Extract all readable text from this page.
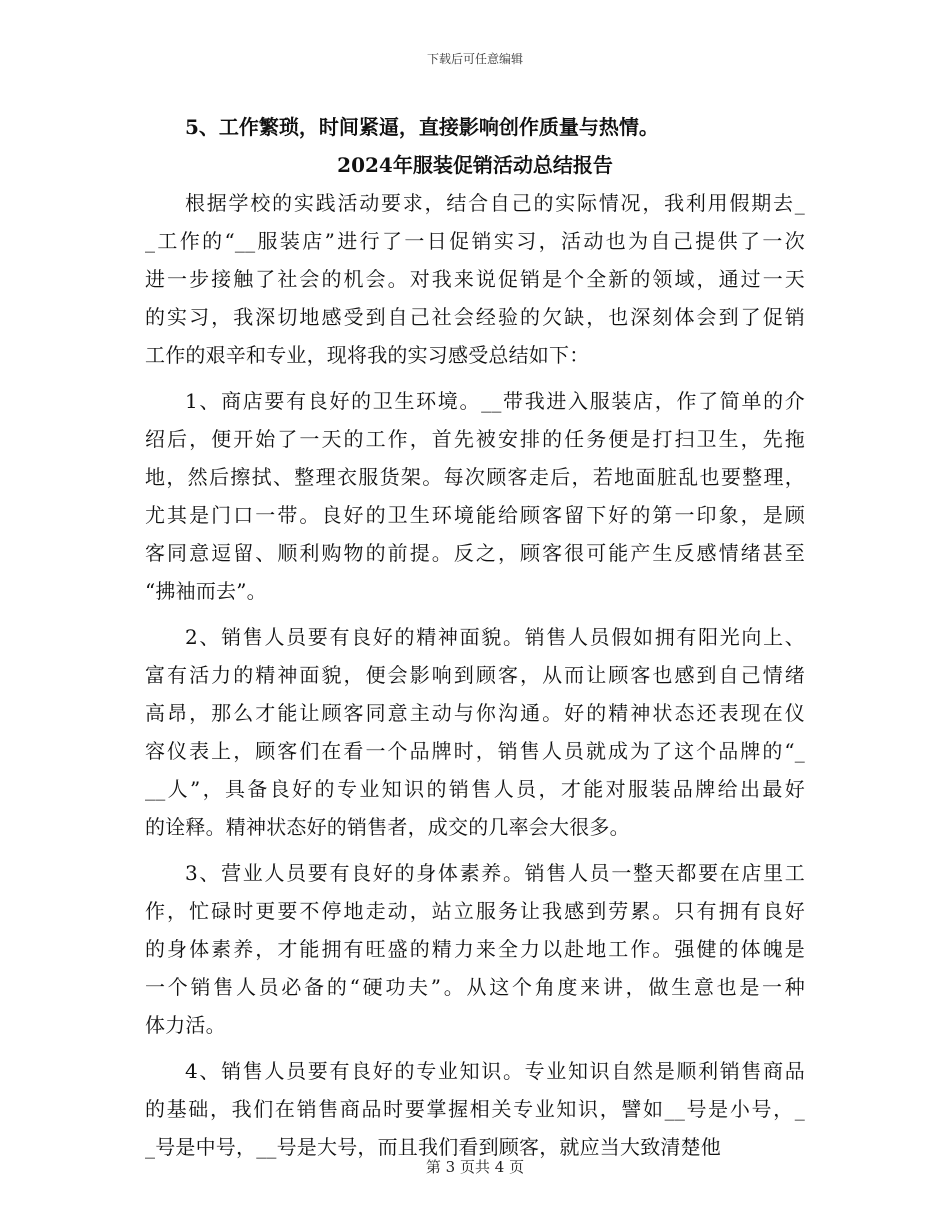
下载后可任意编辑
5、工作繁琐，时间紧逼，直接影响创作质量与热情。
2024年服装促销活动总结报告
根据学校的实践活动要求，结合自己的实际情况，我利用假期去_
_工作的“__服装店”进行了一日促销实习，活动也为自己提供了一次
进一步接触了社会的机会。对我来说促销是个全新的领域，通过一天
的实习，我深切地感受到自己社会经验的欠缺，也深刻体会到了促销
工作的艰辛和专业，现将我的实习感受总结如下：
1、商店要有良好的卫生环境。__带我进入服装店，作了简单的介
绍后，便开始了一天的工作，首先被安排的任务便是打扫卫生，先拖
地，然后擦拭、整理衣服货架。每次顾客走后，若地面脏乱也要整理，
尤其是门口一带。良好的卫生环境能给顾客留下好的第一印象，是顾
客同意逗留、顺利购物的前提。反之，顾客很可能产生反感情绪甚至
“拂袖而去”。
2、销售人员要有良好的精神面貌。销售人员假如拥有阳光向上、
富有活力的精神面貌，便会影响到顾客，从而让顾客也感到自己情绪
高昂，那么才能让顾客同意主动与你沟通。好的精神状态还表现在仪
容仪表上，顾客们在看一个品牌时，销售人员就成为了这个品牌的“_
__人”，具备良好的专业知识的销售人员，才能对服装品牌给出最好
的诠释。精神状态好的销售者，成交的几率会大很多。
3、营业人员要有良好的身体素养。销售人员一整天都要在店里工
作，忙碌时更要不停地走动，站立服务让我感到劳累。只有拥有良好
的身体素养，才能拥有旺盛的精力来全力以赴地工作。强健的体魄是
一个销售人员必备的“硬功夫”。从这个角度来讲，做生意也是一种
体力活。
4、销售人员要有良好的专业知识。专业知识自然是顺利销售商品
的基础，我们在销售商品时要掌握相关专业知识，譬如__号是小号，_
_号是中号，__号是大号，而且我们看到顾客，就应当大致清楚他
第 3 页共 4 页
